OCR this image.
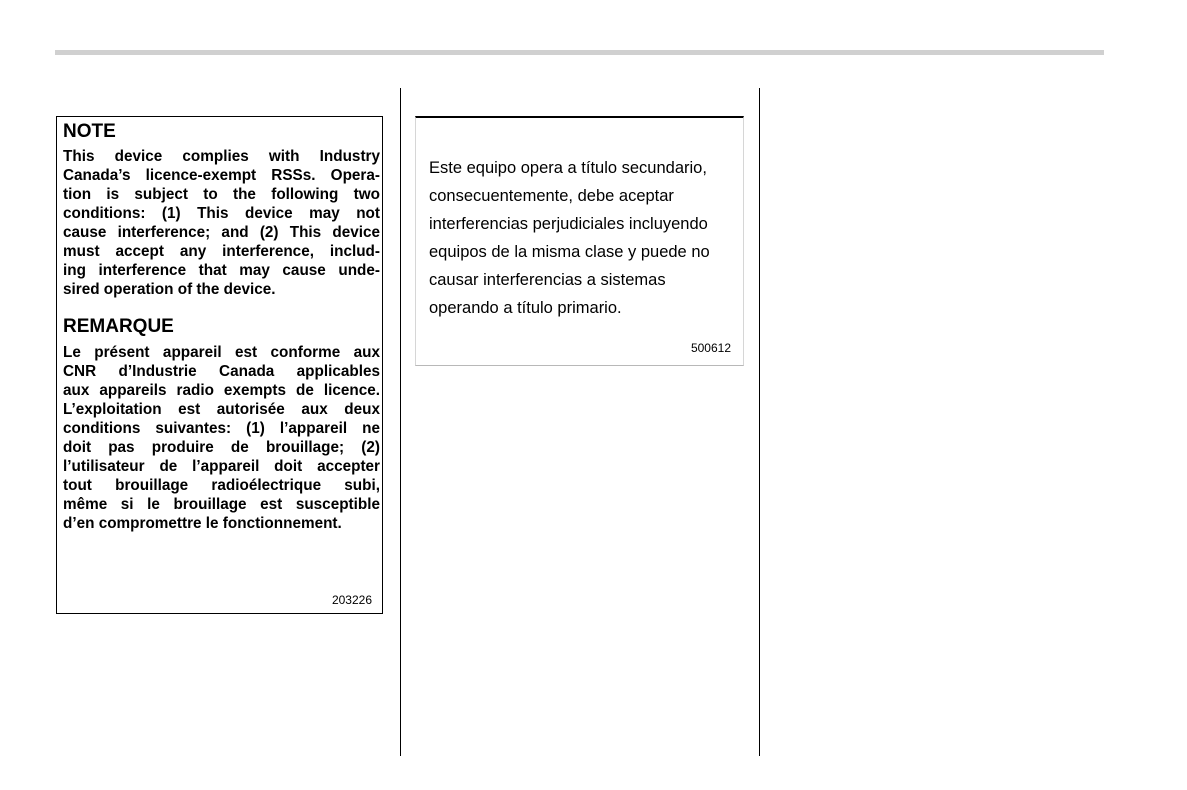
NOTE
This device complies with Industry
Canada’s licence-exempt RSSs. Opera-
tion is subject to the following two
conditions: (1) This device may not
cause interference; and (2) This device
must accept any interference, includ-
ing interference that may cause unde-
sired operation of the device.
REMARQUE
Le présent appareil est conforme aux
CNR d’Industrie Canada applicables
aux appareils radio exempts de licence.
L’exploitation est autorisée aux deux
conditions suivantes: (1) l’appareil ne
doit pas produire de brouillage; (2)
l’utilisateur de l’appareil doit accepter
tout brouillage radioélectrique subi,
même si le brouillage est susceptible
d’en compromettre le fonctionnement.
203226
Este equipo opera a título secundario,
consecuentemente, debe aceptar
interferencias perjudiciales incluyendo
equipos de la misma clase y puede no
causar interferencias a sistemas
operando a título primario.
500612
